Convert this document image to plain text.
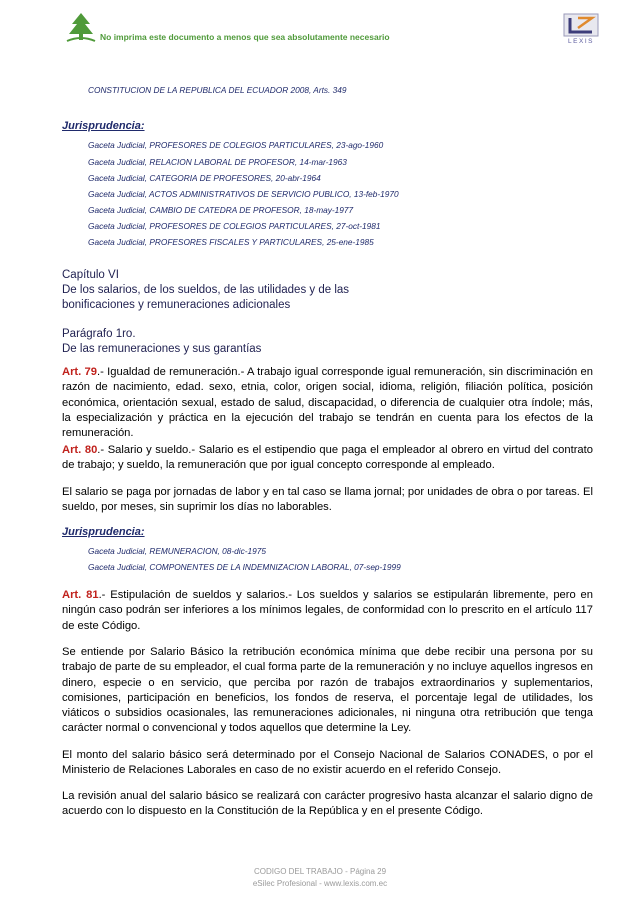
No imprima este documento a menos que sea absolutamente necesario	LEXIS
CONSTITUCION DE LA REPUBLICA DEL ECUADOR 2008, Arts. 349
Jurisprudencia:
Gaceta Judicial, PROFESORES DE COLEGIOS PARTICULARES, 23-ago-1960
Gaceta Judicial, RELACION LABORAL DE PROFESOR, 14-mar-1963
Gaceta Judicial, CATEGORIA DE PROFESORES, 20-abr-1964
Gaceta Judicial, ACTOS ADMINISTRATIVOS DE SERVICIO PUBLICO, 13-feb-1970
Gaceta Judicial, CAMBIO DE CATEDRA DE PROFESOR, 18-may-1977
Gaceta Judicial, PROFESORES DE COLEGIOS PARTICULARES, 27-oct-1981
Gaceta Judicial, PROFESORES FISCALES Y PARTICULARES, 25-ene-1985
Capítulo VI
De los salarios, de los sueldos, de las utilidades y de las
bonificaciones y remuneraciones adicionales
Parágrafo 1ro.
De las remuneraciones y sus garantías
Art. 79.- Igualdad de remuneración.- A trabajo igual corresponde igual remuneración, sin discriminación en razón de nacimiento, edad. sexo, etnia, color, origen social, idioma, religión, filiación política, posición económica, orientación sexual, estado de salud, discapacidad, o diferencia de cualquier otra índole; más, la especialización y práctica en la ejecución del trabajo se tendrán en cuenta para los efectos de la remuneración.
Art. 80.- Salario y sueldo.- Salario es el estipendio que paga el empleador al obrero en virtud del contrato de trabajo; y sueldo, la remuneración que por igual concepto corresponde al empleado.
El salario se paga por jornadas de labor y en tal caso se llama jornal; por unidades de obra o por tareas. El sueldo, por meses, sin suprimir los días no laborables.
Jurisprudencia:
Gaceta Judicial, REMUNERACION, 08-dic-1975
Gaceta Judicial, COMPONENTES DE LA INDEMNIZACION LABORAL, 07-sep-1999
Art. 81.- Estipulación de sueldos y salarios.- Los sueldos y salarios se estipularán libremente, pero en ningún caso podrán ser inferiores a los mínimos legales, de conformidad con lo prescrito en el artículo 117 de este Código.
Se entiende por Salario Básico la retribución económica mínima que debe recibir una persona por su trabajo de parte de su empleador, el cual forma parte de la remuneración y no incluye aquellos ingresos en dinero, especie o en servicio, que perciba por razón de trabajos extraordinarios y suplementarios, comisiones, participación en beneficios, los fondos de reserva, el porcentaje legal de utilidades, los viáticos o subsidios ocasionales, las remuneraciones adicionales, ni ninguna otra retribución que tenga carácter normal o convencional y todos aquellos que determine la Ley.
El monto del salario básico será determinado por el Consejo Nacional de Salarios CONADES, o por el Ministerio de Relaciones Laborales en caso de no existir acuerdo en el referido Consejo.
La revisión anual del salario básico se realizará con carácter progresivo hasta alcanzar el salario digno de acuerdo con lo dispuesto en la Constitución de la República y en el presente Código.
CODIGO DEL TRABAJO - Página 29
eSilec Profesional - www.lexis.com.ec
